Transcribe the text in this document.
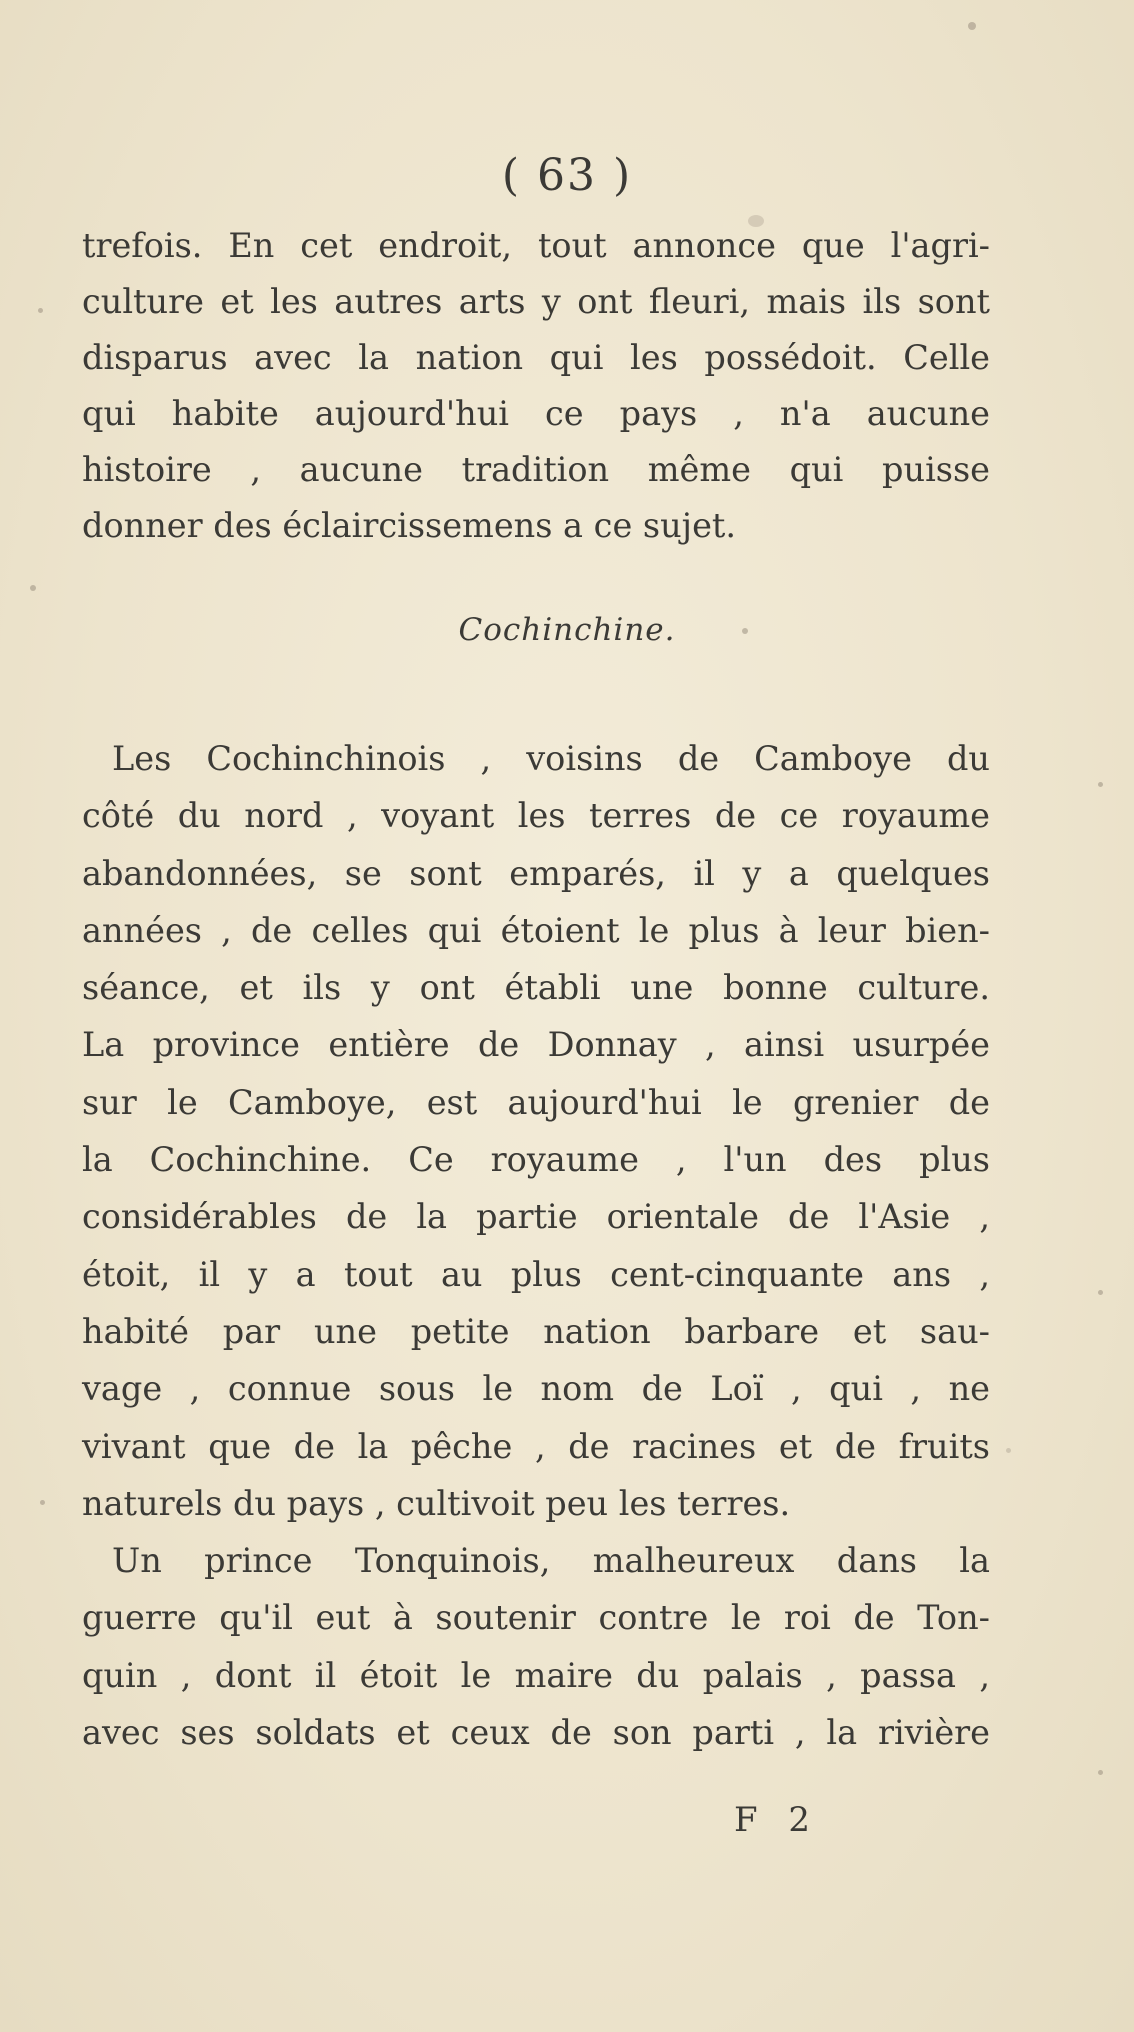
( 63 )
trefois. En cet endroit, tout annonce que l'agri-
culture et les autres arts y ont fleuri, mais ils sont
disparus avec la nation qui les possédoit. Celle
qui habite aujourd'hui ce pays , n'a aucune
histoire , aucune tradition même qui puisse
donner des éclaircissemens a ce sujet.
Cochinchine.
Les Cochinchinois , voisins de Camboye du
côté du nord , voyant les terres de ce royaume
abandonnées, se sont emparés, il y a quelques
années , de celles qui étoient le plus à leur bien-
séance, et ils y ont établi une bonne culture.
La province entière de Donnay , ainsi usurpée
sur le Camboye, est aujourd'hui le grenier de
la Cochinchine. Ce royaume , l'un des plus
considérables de la partie orientale de l'Asie ,
étoit, il y a tout au plus cent-cinquante ans ,
habité par une petite nation barbare et sau-
vage , connue sous le nom de Loï , qui , ne
vivant que de la pêche , de racines et de fruits
naturels du pays , cultivoit peu les terres.
Un prince Tonquinois, malheureux dans la
guerre qu'il eut à soutenir contre le roi de Ton-
quin , dont il étoit le maire du palais , passa ,
avec ses soldats et ceux de son parti , la rivière
F 2
